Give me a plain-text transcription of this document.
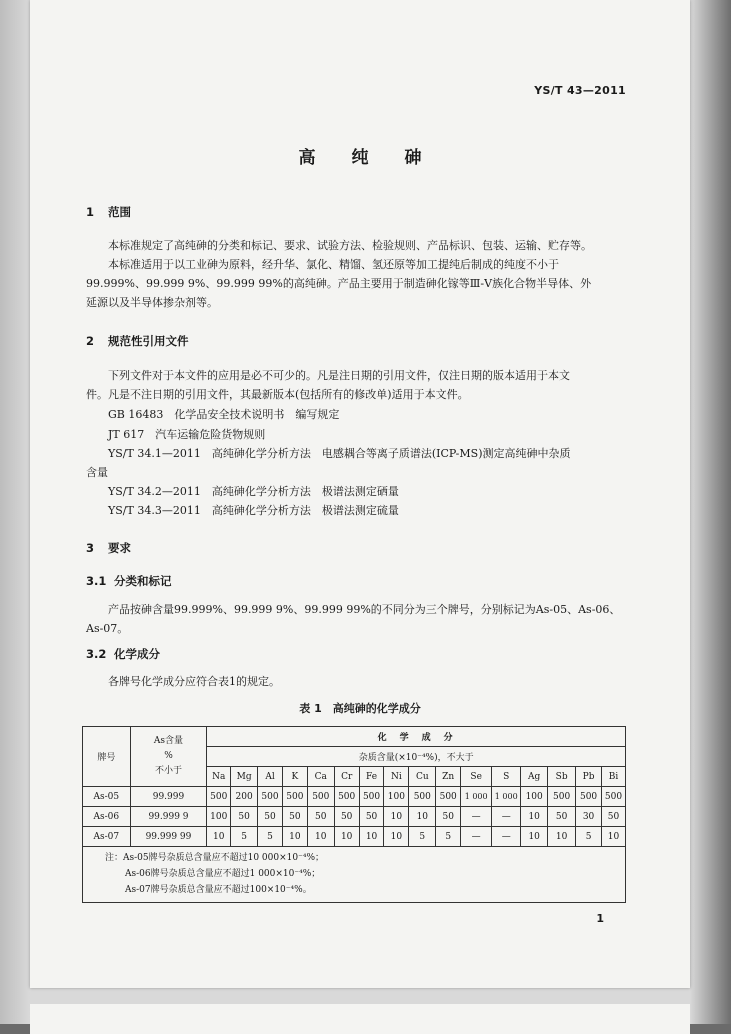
YS/T 43—2011
高纯砷
1 范围

本标准规定了高纯砷的分类和标记、要求、试验方法、检验规则、产品标识、包装、运输、贮存等。

本标准适用于以工业砷为原料，经升华、氯化、精馏、氢还原等加工提纯后制成的纯度不小于

99.999%、99.999 9%、99.999 99%的高纯砷。产品主要用于制造砷化镓等Ⅲ-Ⅴ族化合物半导体、外

延源以及半导体掺杂剂等。

2 规范性引用文件

下列文件对于本文件的应用是必不可少的。凡是注日期的引用文件，仅注日期的版本适用于本文

件。凡是不注日期的引用文件，其最新版本(包括所有的修改单)适用于本文件。

GB 16483　 化学品安全技术说明书　编写规定
JT 617　 汽车运输危险货物规则
YS/T 34.1—2011　 高纯砷化学分析方法　电感耦合等离子质谱法(ICP-MS)测定高纯砷中杂质
含量
YS/T 34.2—2011　 高纯砷化学分析方法　极谱法测定硒量
YS/T 34.3—2011　 高纯砷化学分析方法　极谱法测定硫量
3 要求
3.1 分类和标记

产品按砷含量99.999%、99.999 9%、99.999 99%的不同分为三个牌号，分别标记为As-05、As-06、

As-07。

3.2 化学成分

各牌号化学成分应符合表1的规定。

表 1　高纯砷的化学成分
牌号	As含量
%
不小于	化　学　成　分															
		杂质含量(×10⁻⁴%)，不大于															
		Na	Mg	Al	K	Ca	Cr	Fe	Ni	Cu	Zn	Se	S	Ag	Sb	Pb	Bi
As-05	99.999	500	200	500	500	500	500	500	100	500	500	1 000	1 000	100	500	500	500
As-06	99.999 9	100	50	50	50	50	50	50	10	10	50	—	—	10	50	30	50
As-07	99.999 99	10	5	5	10	10	10	10	10	5	5	—	—	10	10	5	10

注：As-05牌号杂质总含量应不超过10 000×10⁻⁴%；
As-06牌号杂质总含量应不超过1 000×10⁻⁴%；
As-07牌号杂质总含量应不超过100×10⁻⁴%。																	
1
